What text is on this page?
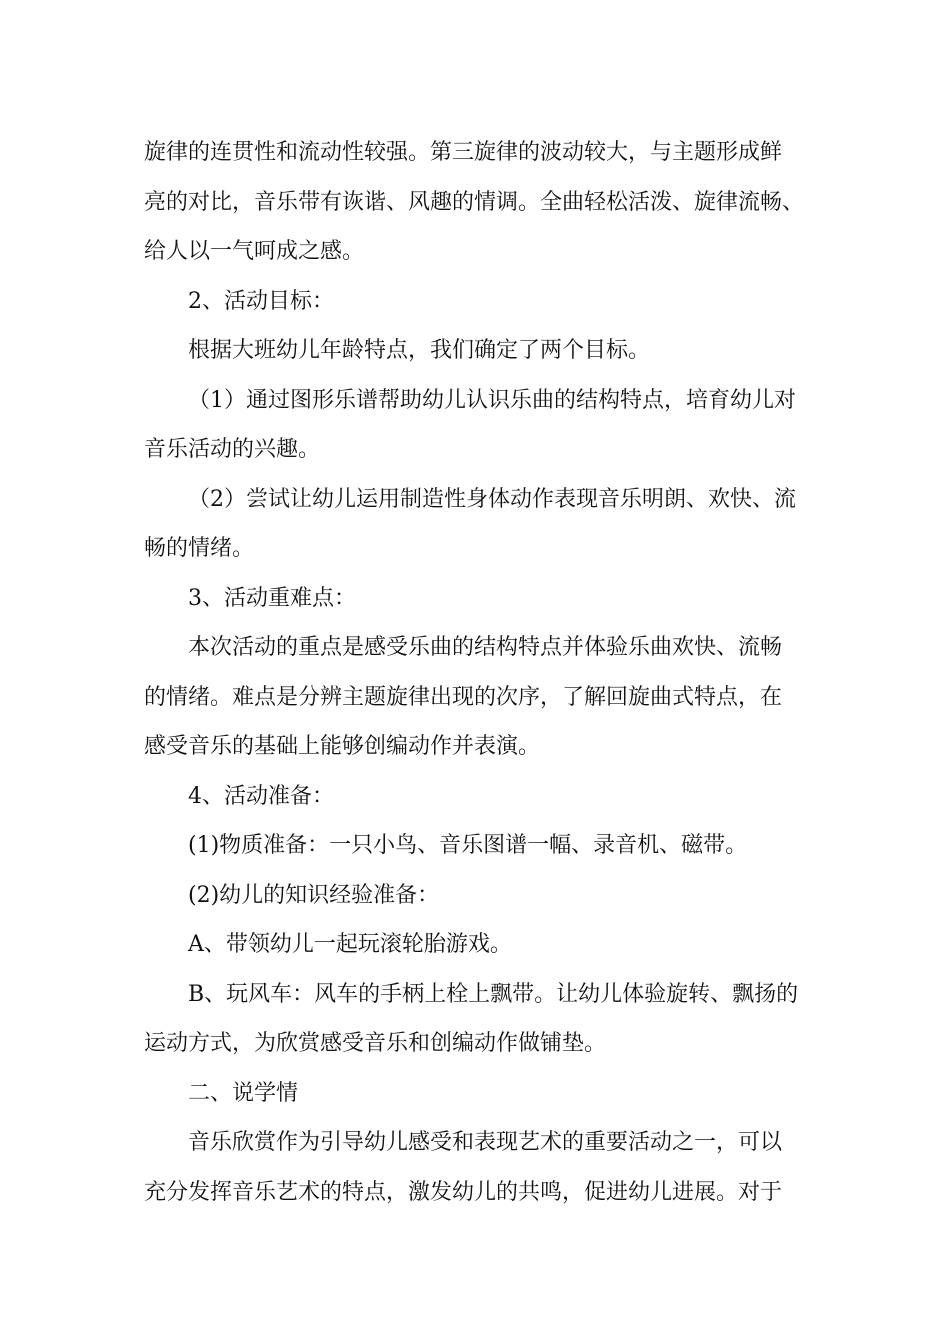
旋律的连贯性和流动性较强。第三旋律的波动较大，与主题形成鲜

亮的对比，音乐带有诙谐、风趣的情调。全曲轻松活泼、旋律流畅、

给人以一气呵成之感。

2、活动目标：

根据大班幼儿年龄特点，我们确定了两个目标。

（1）通过图形乐谱帮助幼儿认识乐曲的结构特点，培育幼儿对

音乐活动的兴趣。

（2）尝试让幼儿运用制造性身体动作表现音乐明朗、欢快、流

畅的情绪。

3、活动重难点：

本次活动的重点是感受乐曲的结构特点并体验乐曲欢快、流畅

的情绪。难点是分辨主题旋律出现的次序，了解回旋曲式特点，在

感受音乐的基础上能够创编动作并表演。

4、活动准备：

(1)物质准备：一只小鸟、音乐图谱一幅、录音机、磁带。

(2)幼儿的知识经验准备：

A、带领幼儿一起玩滚轮胎游戏。

B、玩风车：风车的手柄上栓上飘带。让幼儿体验旋转、飘扬的

运动方式，为欣赏感受音乐和创编动作做铺垫。

二、说学情

音乐欣赏作为引导幼儿感受和表现艺术的重要活动之一，可以

充分发挥音乐艺术的特点，激发幼儿的共鸣，促进幼儿进展。对于
